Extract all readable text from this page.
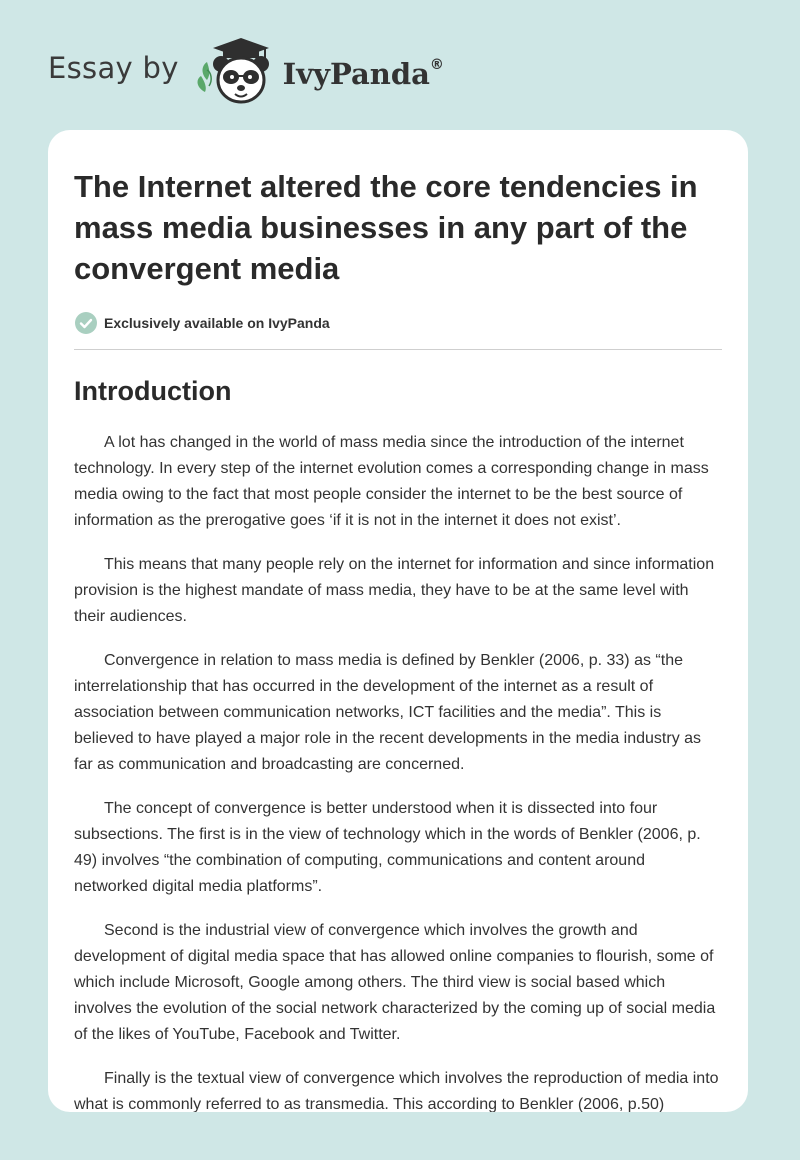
Essay by	IvyPanda®
The Internet altered the core tendencies in mass media businesses in any part of the convergent media
Exclusively available on IvyPanda
Introduction

A lot has changed in the world of mass media since the introduction of the internet technology. In every step of the internet evolution comes a corresponding change in mass media owing to the fact that most people consider the internet to be the best source of information as the prerogative goes ‘if it is not in the internet it does not exist’.

This means that many people rely on the internet for information and since information provision is the highest mandate of mass media, they have to be at the same level with their audiences.

Convergence in relation to mass media is defined by Benkler (2006, p. 33) as “the interrelationship that has occurred in the development of the internet as a result of association between communication networks, ICT facilities and the media”. This is believed to have played a major role in the recent developments in the media industry as far as communication and broadcasting are concerned.

The concept of convergence is better understood when it is dissected into four subsections. The first is in the view of technology which in the words of Benkler (2006, p. 49) involves “the combination of computing, communications and content around networked digital media platforms”.

Second is the industrial view of convergence which involves the growth and development of digital media space that has allowed online companies to flourish, some of which include Microsoft, Google among others. The third view is social based which involves the evolution of the social network characterized by the coming up of social media of the likes of YouTube, Facebook and Twitter.

Finally is the textual view of convergence which involves the reproduction of media into what is commonly referred to as transmedia. This according to Benkler (2006, p.50)
